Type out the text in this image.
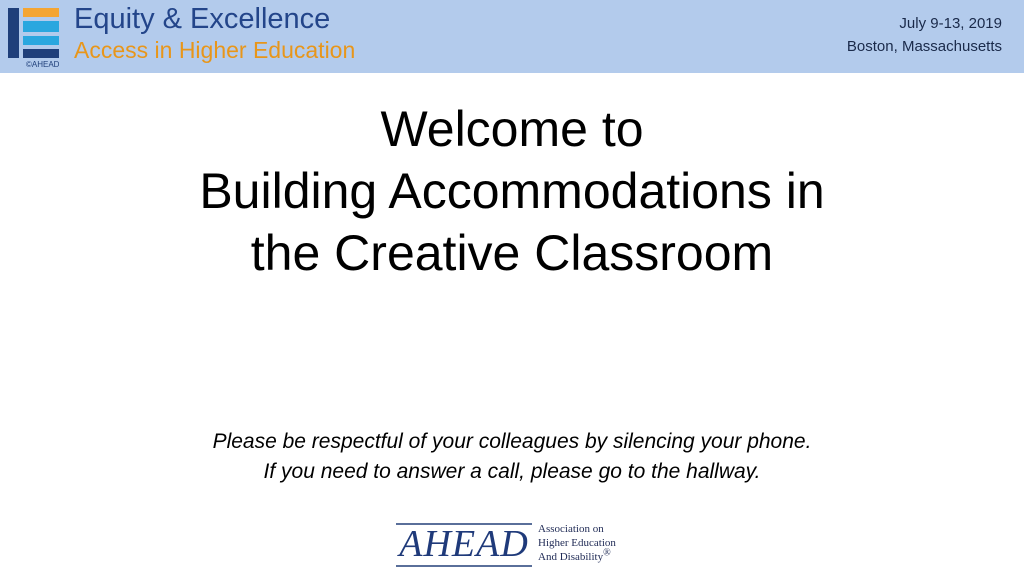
©AHEAD
Equity & Excellence
Access in Higher Education
July 9-13, 2019
Boston, Massachusetts
Welcome to
Building Accommodations in
the Creative Classroom
Please be respectful of your colleagues by silencing your phone.
If you need to answer a call, please go to the hallway.
AHEAD Association on
Higher Education
And Disability®
